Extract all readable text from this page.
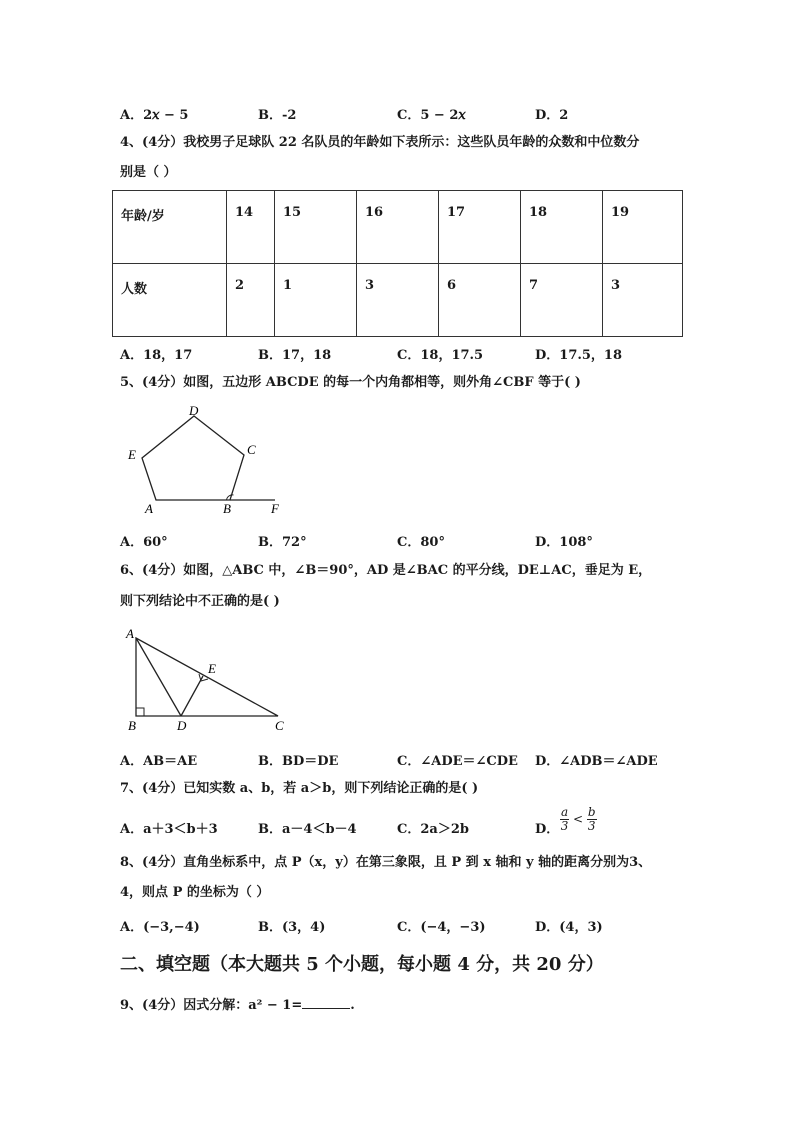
A．2𝑥 − 5	B．-2	C．5 − 2𝑥	D．2
4、(4分）我校男子足球队 22 名队员的年龄如下表所示：这些队员年龄的众数和中位数分
别是（ ）
年龄/岁	14	15	16	17	18	19
人数	2	1	3	6	7	3
A．18，17	B．17，18	C．18，17.5	D．17.5，18
5、(4分）如图，五边形 ABCDE 的每一个内角都相等，则外角∠CBF 等于( )
D
E	C
A	B	F
A．60°	B．72°	C．80°	D．108°
6、(4分）如图，△ABC 中，∠B＝90°，AD 是∠BAC 的平分线，DE⊥AC，垂足为 E，
则下列结论中不正确的是( )
A
E
B	D	C
A．AB＝AE	B．BD＝DE	C．∠ADE＝∠CDE D．∠ADB＝∠ADE
7、(4分）已知实数 a、b，若 a＞b，则下列结论正确的是( )
A．a＋3＜b＋3	B．a－4＜b－4	C．2a＞2b	D． $\frac{a}{3} < \frac{b}{3}$
8、(4分）直角坐标系中，点 P（x，y）在第三象限，且 P 到 x 轴和 y 轴的距离分别为3、
4，则点 P 的坐标为（ ）
A．(−3,−4)	B．(3，4)	C．(−4，−3)	D．(4，3)
二、填空题（本大题共 5 个小题，每小题 4 分，共 20 分）
9、(4分）因式分解：a² − 1=	.
